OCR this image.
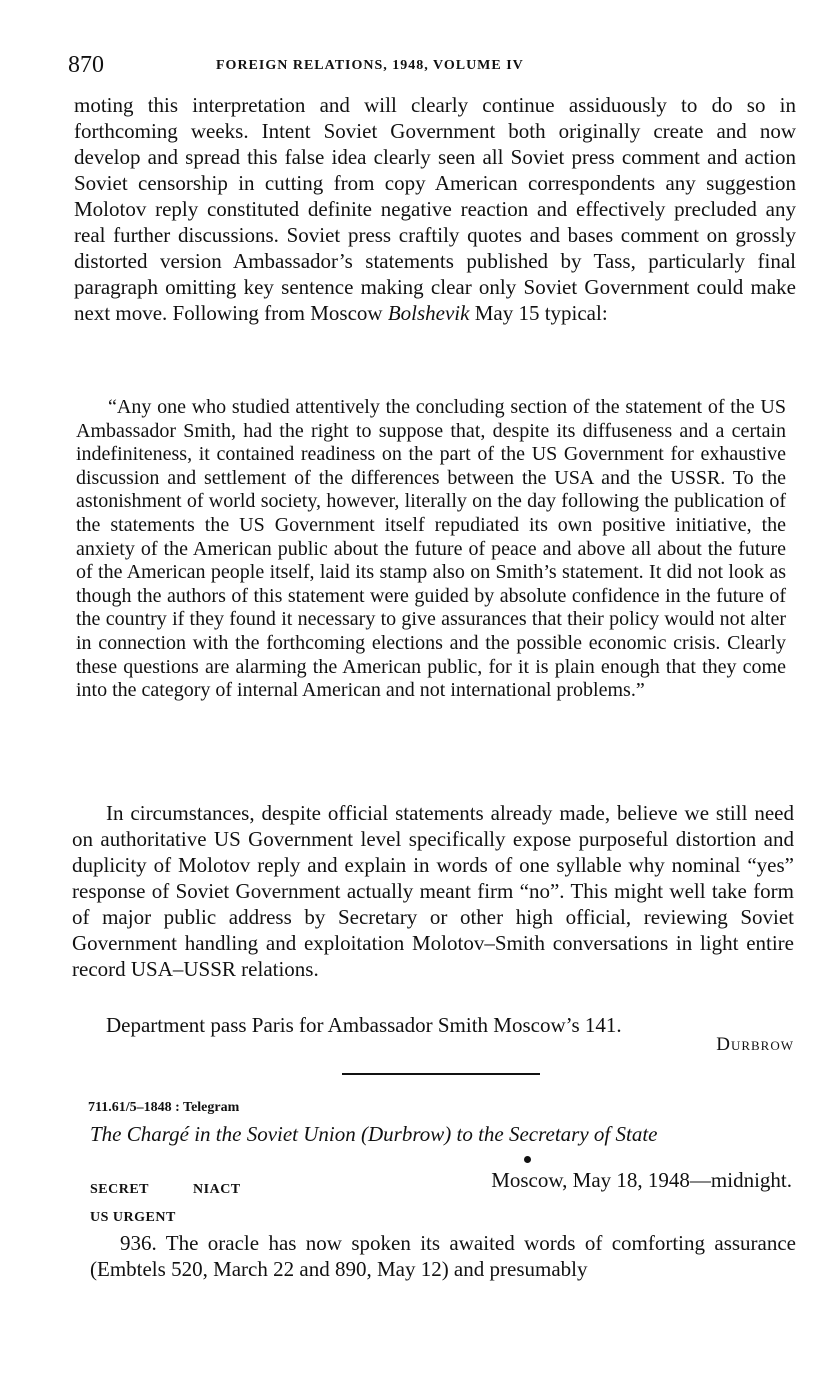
870	FOREIGN RELATIONS, 1948, VOLUME IV

moting this interpretation and will clearly continue assiduously to do so in forthcoming weeks. Intent Soviet Government both originally create and now develop and spread this false idea clearly seen all Soviet press comment and action Soviet censorship in cutting from copy American correspondents any suggestion Molotov reply constituted definite negative reaction and effectively precluded any real further discussions. Soviet press craftily quotes and bases comment on grossly distorted version Ambassador’s statements published by Tass, particularly final paragraph omitting key sentence making clear only Soviet Government could make next move. Following from Moscow Bolshevik May 15 typical:

“Any one who studied attentively the concluding section of the statement of the US Ambassador Smith, had the right to suppose that, despite its diffuseness and a certain indefiniteness, it contained readiness on the part of the US Government for exhaustive discussion and settlement of the differences between the USA and the USSR. To the astonishment of world society, however, literally on the day following the publication of the statements the US Government itself repudiated its own positive initiative, the anxiety of the American public about the future of peace and above all about the future of the American people itself, laid its stamp also on Smith’s statement. It did not look as though the authors of this statement were guided by absolute confidence in the future of the country if they found it necessary to give assurances that their policy would not alter in connection with the forthcoming elections and the possible economic crisis. Clearly these questions are alarming the American public, for it is plain enough that they come into the category of internal American and not international problems.”

In circumstances, despite official statements already made, believe we still need on authoritative US Government level specifically expose purposeful distortion and duplicity of Molotov reply and explain in words of one syllable why nominal “yes” response of Soviet Government actually meant firm “no”. This might well take form of major public address by Secretary or other high official, reviewing Soviet Government handling and exploitation Molotov–Smith conversations in light entire record USA–USSR relations.

Department pass Paris for Ambassador Smith Moscow’s 141.

Durbrow
711.61/5–1848 : Telegram
The Chargé in the Soviet Union (Durbrow) to the Secretary of State
SECRET	NIACT
US URGENT
Moscow, May 18, 1948—midnight.

936. The oracle has now spoken its awaited words of comforting assurance (Embtels 520, March 22 and 890, May 12) and presumably
